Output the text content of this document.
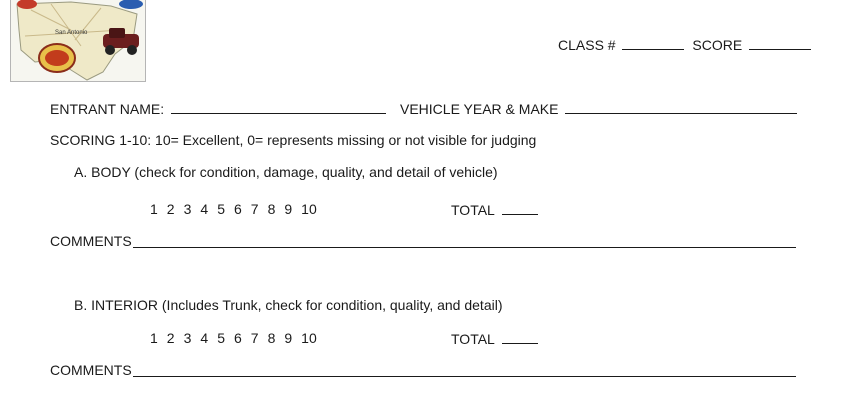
San Antonio
CLASS #	SCORE
ENTRANT NAME:	VEHICLE YEAR & MAKE
SCORING 1-10: 10= Excellent, 0= represents missing or not visible for judging
A. BODY (check for condition, damage, quality, and detail of vehicle)
1 2 3 4 5 6 7 8 9 10	TOTAL
COMMENTS
B. INTERIOR (Includes Trunk, check for condition, quality, and detail)
1 2 3 4 5 6 7 8 9 10	TOTAL
COMMENTS
